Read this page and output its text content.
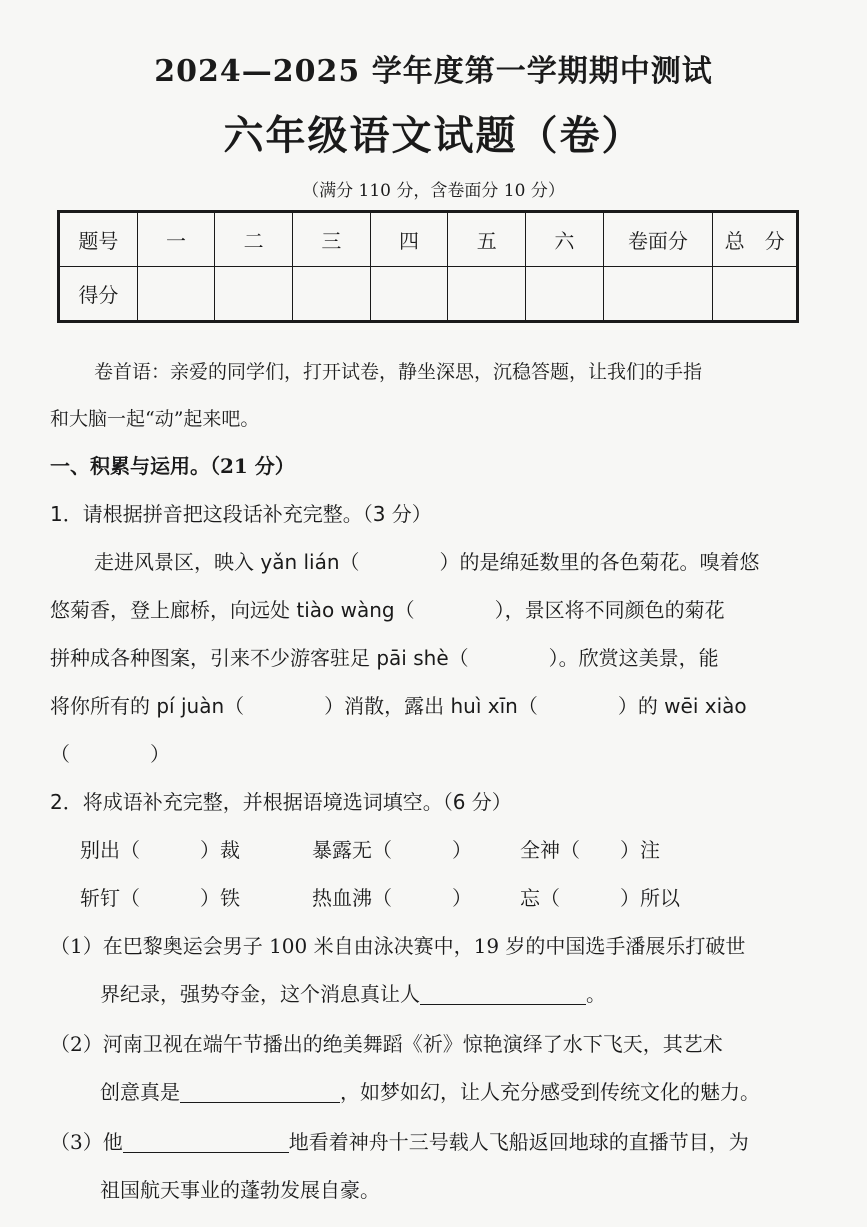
2024—2025 学年度第一学期期中测试
六年级语文试题（卷）
（满分 110 分，含卷面分 10 分）
题号	一	二	三	四	五	六	卷面分	总　分
得分								
卷首语：亲爱的同学们，打开试卷，静坐深思，沉稳答题，让我们的手指
和大脑一起“动”起来吧。
一、积累与运用。（21 分）
1．请根据拼音把这段话补充完整。（3 分）
走进风景区，映入 yǎn lián（　　　　）的是绵延数里的各色菊花。嗅着悠
悠菊香，登上廊桥，向远处 tiào wàng（　　　　），景区将不同颜色的菊花
拼种成各种图案，引来不少游客驻足 pāi shè（　　　　）。欣赏这美景，能
将你所有的 pí juàn（　　　　）消散，露出 huì xīn（　　　　）的 wēi xiào
（　　　　）
2．将成语补充完整，并根据语境选词填空。（6 分）
别出（　　　）裁	暴露无（　　　） 全神（　　）注
斩钉（　　　）铁	热血沸（　　　） 忘（　　　）所以
（1）在巴黎奥运会男子 100 米自由泳决赛中，19 岁的中国选手潘展乐打破世
界纪录，强势夺金，这个消息真让人	。
（2）河南卫视在端午节播出的绝美舞蹈《祈》惊艳演绎了水下飞天，其艺术
创意真是	，如梦如幻，让人充分感受到传统文化的魅力。
（3）他	地看着神舟十三号载人飞船返回地球的直播节目，为
祖国航天事业的蓬勃发展自豪。
